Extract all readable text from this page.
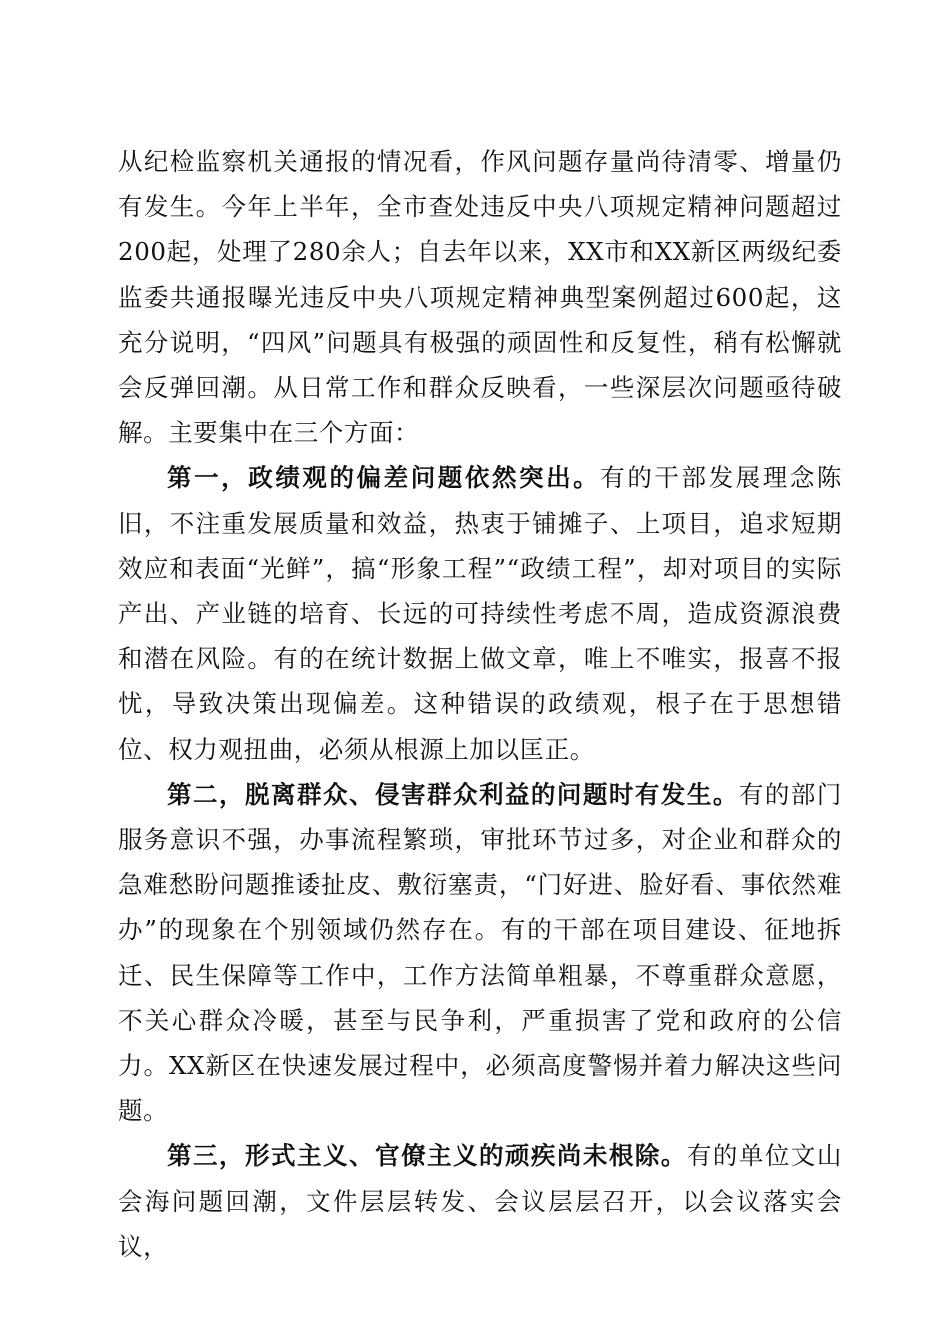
从纪检监察机关通报的情况看，作风问题存量尚待清零、增量仍有发生。今年上半年，全市查处违反中央八项规定精神问题超过200起，处理了280余人；自去年以来，XX市和XX新区两级纪委监委共通报曝光违反中央八项规定精神典型案例超过600起，这充分说明，“四风”问题具有极强的顽固性和反复性，稍有松懈就会反弹回潮。从日常工作和群众反映看，一些深层次问题亟待破解。主要集中在三个方面：

第一，政绩观的偏差问题依然突出。有的干部发展理念陈旧，不注重发展质量和效益，热衷于铺摊子、上项目，追求短期效应和表面“光鲜”，搞“形象工程”“政绩工程”，却对项目的实际产出、产业链的培育、长远的可持续性考虑不周，造成资源浪费和潜在风险。有的在统计数据上做文章，唯上不唯实，报喜不报忧，导致决策出现偏差。这种错误的政绩观，根子在于思想错位、权力观扭曲，必须从根源上加以匡正。

第二，脱离群众、侵害群众利益的问题时有发生。有的部门服务意识不强，办事流程繁琐，审批环节过多，对企业和群众的急难愁盼问题推诿扯皮、敷衍塞责，“门好进、脸好看、事依然难办”的现象在个别领域仍然存在。有的干部在项目建设、征地拆迁、民生保障等工作中，工作方法简单粗暴，不尊重群众意愿，不关心群众冷暖，甚至与民争利，严重损害了党和政府的公信力。XX新区在快速发展过程中，必须高度警惕并着力解决这些问题。

第三，形式主义、官僚主义的顽疾尚未根除。有的单位文山会海问题回潮，文件层层转发、会议层层召开，以会议落实会议，
